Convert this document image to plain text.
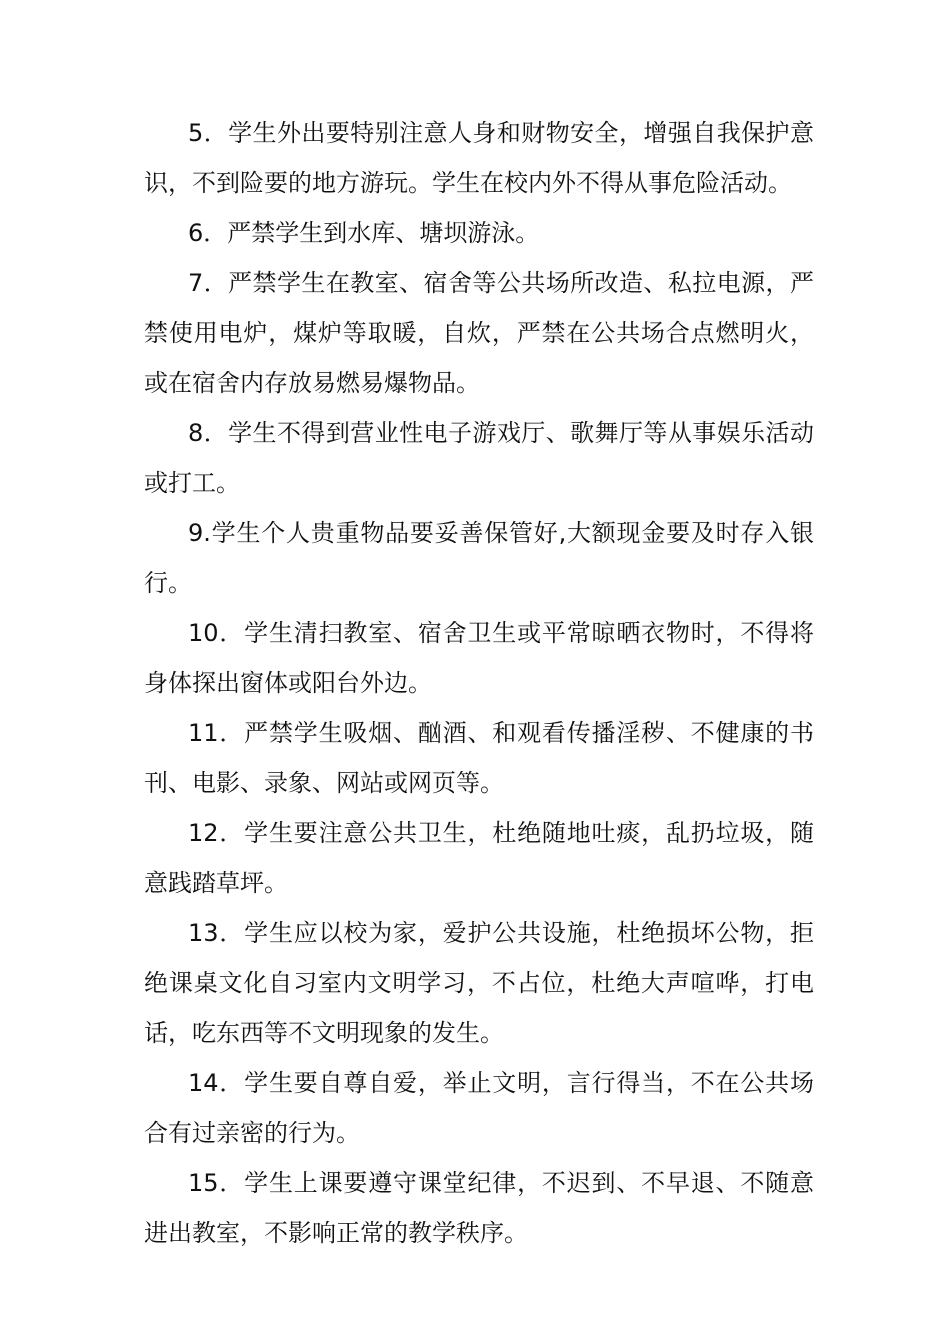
5．学生外出要特别注意人身和财物安全，增强自我保护意识，不到险要的地方游玩。学生在校内外不得从事危险活动。

6．严禁学生到水库、塘坝游泳。

7．严禁学生在教室、宿舍等公共场所改造、私拉电源，严禁使用电炉，煤炉等取暖，自炊，严禁在公共场合点燃明火，或在宿舍内存放易燃易爆物品。

8．学生不得到营业性电子游戏厅、歌舞厅等从事娱乐活动或打工。

9.学生个人贵重物品要妥善保管好,大额现金要及时存入银行。

10．学生清扫教室、宿舍卫生或平常晾晒衣物时，不得将身体探出窗体或阳台外边。

11．严禁学生吸烟、酗酒、和观看传播淫秽、不健康的书刊、电影、录象、网站或网页等。

12．学生要注意公共卫生，杜绝随地吐痰，乱扔垃圾，随意践踏草坪。

13．学生应以校为家，爱护公共设施，杜绝损坏公物，拒绝课桌文化自习室内文明学习，不占位，杜绝大声喧哗，打电话，吃东西等不文明现象的发生。

14．学生要自尊自爱，举止文明，言行得当，不在公共场合有过亲密的行为。

15．学生上课要遵守课堂纪律，不迟到、不早退、不随意进出教室，不影响正常的教学秩序。
